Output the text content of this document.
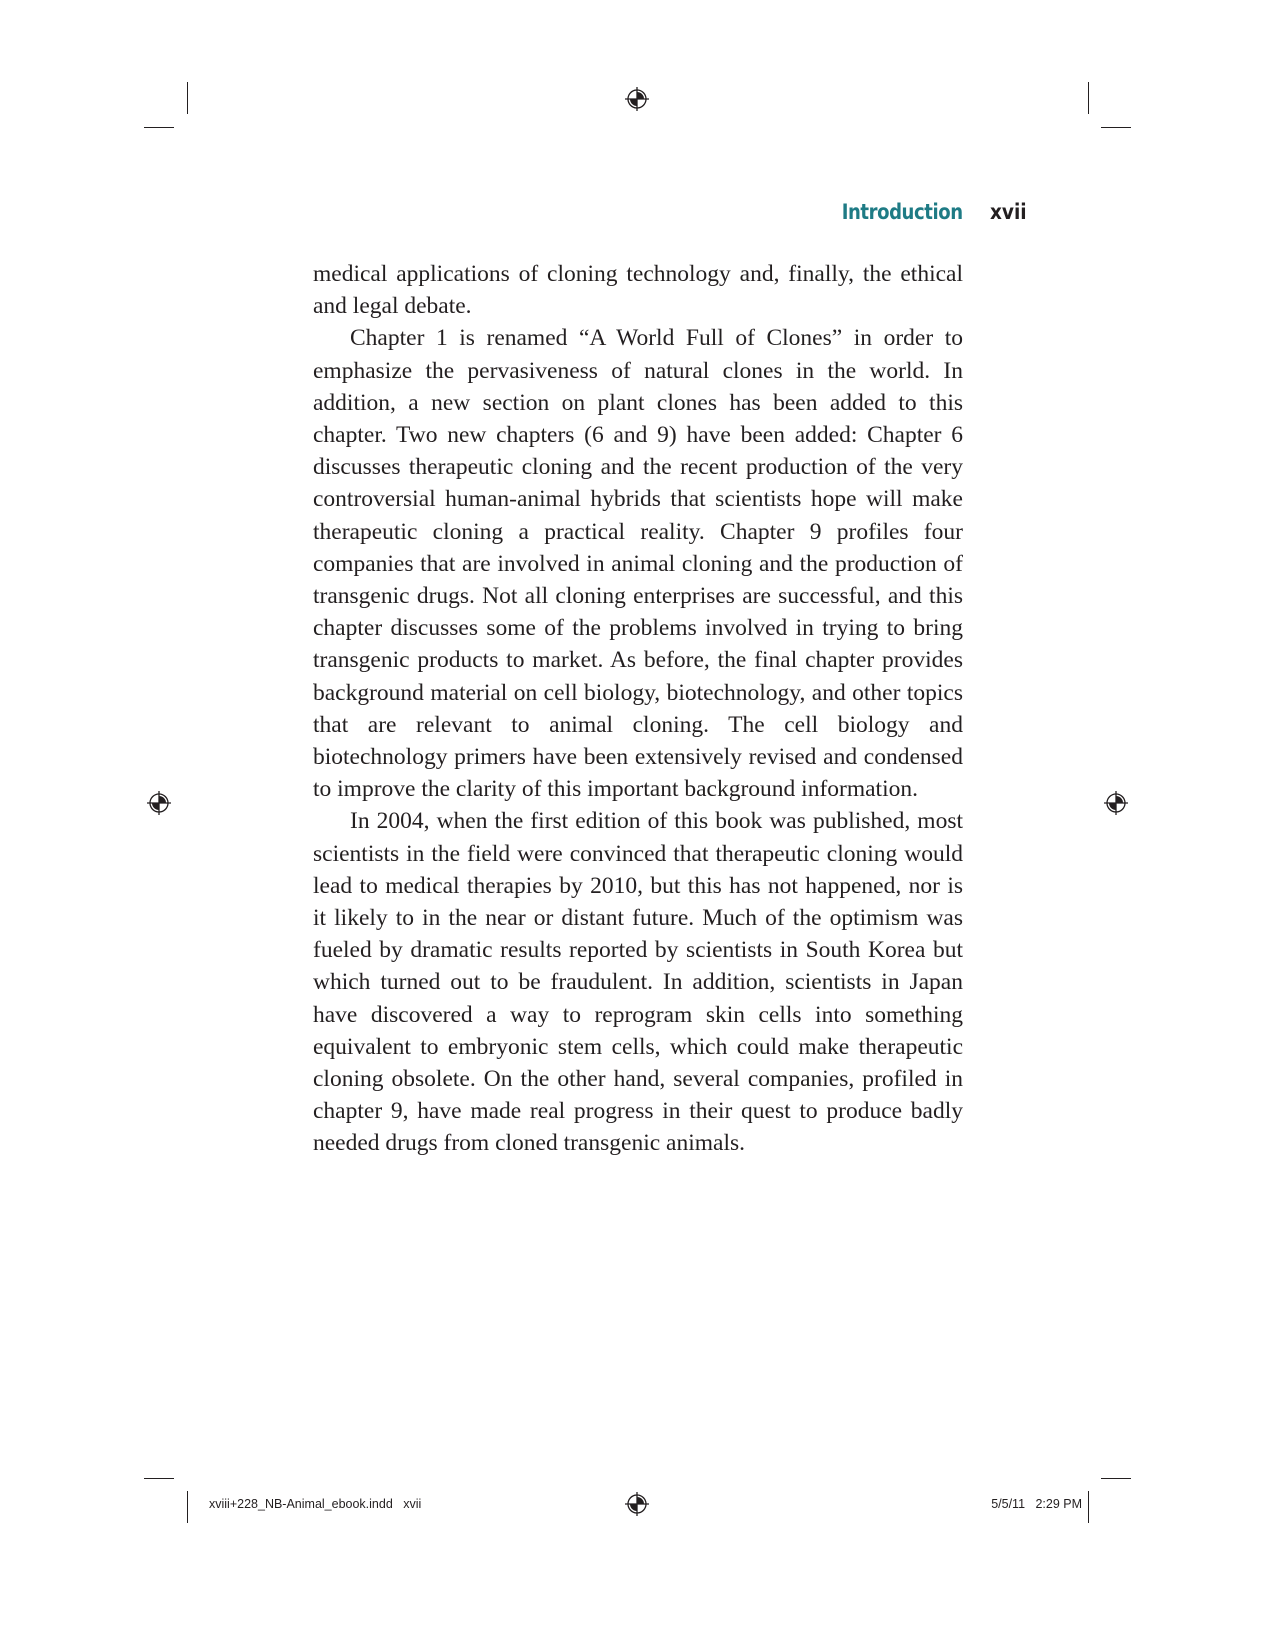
Introduction xvii

medical applications of cloning technology and, finally, the ethical and legal debate.

Chapter 1 is renamed “A World Full of Clones” in order to emphasize the pervasiveness of natural clones in the world. In addition, a new section on plant clones has been added to this chapter. Two new chapters (6 and 9) have been added: Chapter 6 discusses therapeutic cloning and the recent production of the very controversial human-animal hybrids that scientists hope will make therapeutic cloning a practical reality. Chapter 9 profiles four companies that are involved in animal cloning and the production of transgenic drugs. Not all cloning enterprises are successful, and this chapter discusses some of the problems involved in trying to bring transgenic products to market. As before, the final chapter provides background material on cell biology, biotechnology, and other topics that are relevant to animal cloning. The cell biology and biotechnology primers have been extensively revised and condensed to improve the clarity of this important background information.

In 2004, when the first edition of this book was published, most scientists in the field were convinced that therapeutic cloning would lead to medical therapies by 2010, but this has not happened, nor is it likely to in the near or distant future. Much of the optimism was fueled by dramatic results reported by scientists in South Korea but which turned out to be fraudulent. In addition, scientists in Japan have discovered a way to reprogram skin cells into something equivalent to embryonic stem cells, which could make therapeutic cloning obsolete. On the other hand, several companies, profiled in chapter 9, have made real progress in their quest to produce badly needed drugs from cloned transgenic animals.

xviii+228_NB-Animal_ebook.indd   xvii	5/5/11   2:29 PM
